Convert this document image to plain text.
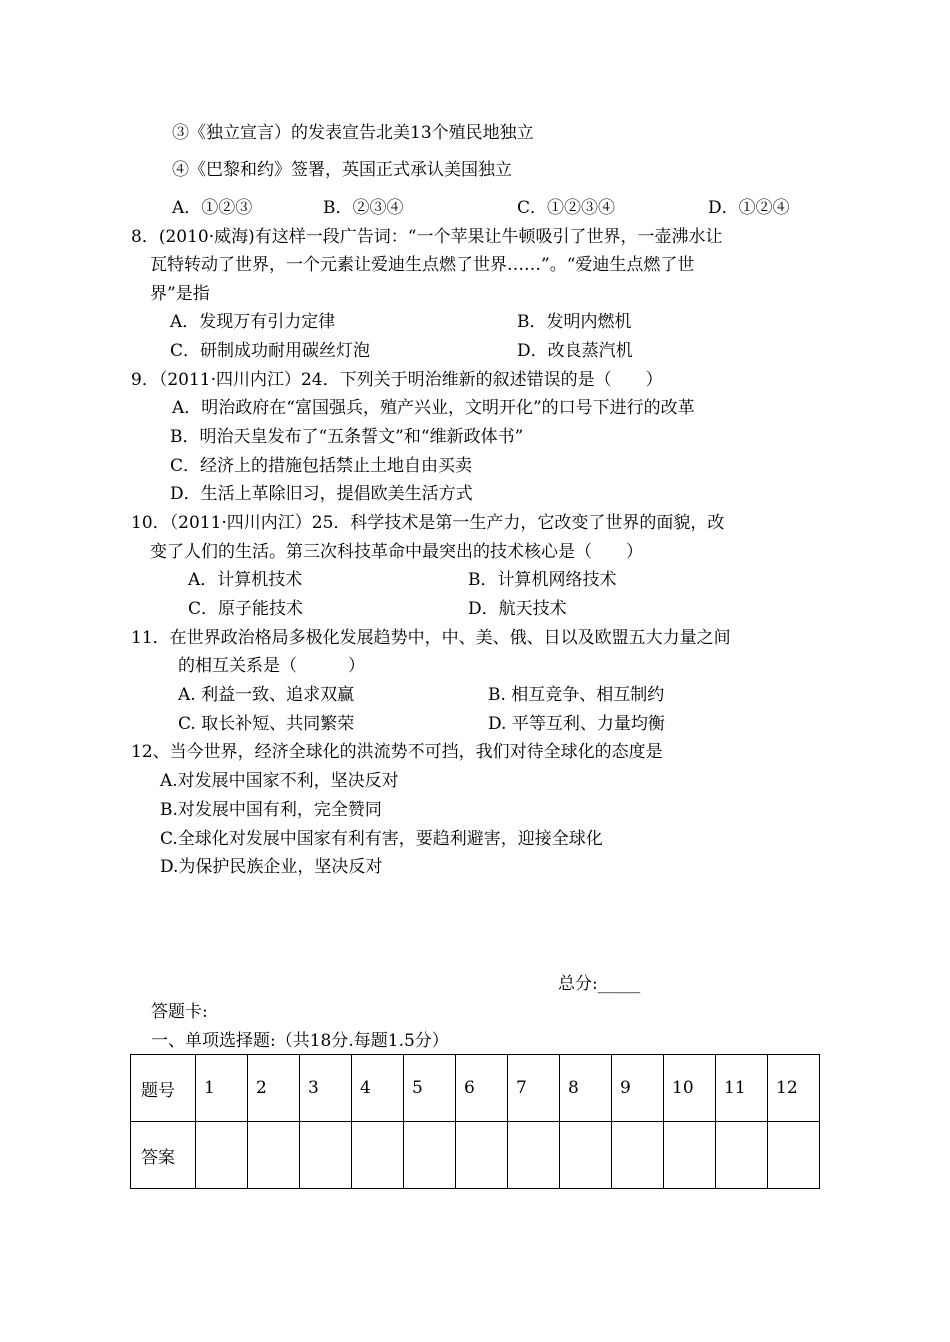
③《独立宣言）的发表宣告北美13个殖民地独立
④《巴黎和约》签署，英国正式承认美国独立
A．①②③	B．②③④	C．①②③④	D．①②④
8．(2010·威海)有这样一段广告词：“一个苹果让牛顿吸引了世界，一壶沸水让
瓦特转动了世界，一个元素让爱迪生点燃了世界……”。“爱迪生点燃了世
界”是指
A．发现万有引力定律	B．发明内燃机
C．研制成功耐用碳丝灯泡	D．改良蒸汽机
9．（2011·四川内江）24．下列关于明治维新的叙述错误的是（　　）
A．明治政府在“富国强兵，殖产兴业，文明开化”的口号下进行的改革
B．明治天皇发布了“五条誓文”和“维新政体书”
C．经济上的措施包括禁止土地自由买卖
D．生活上革除旧习，提倡欧美生活方式
10．（2011·四川内江）25．科学技术是第一生产力，它改变了世界的面貌，改
变了人们的生活。第三次科技革命中最突出的技术核心是（　　）
A．计算机技术	B．计算机网络技术
C．原子能技术	D．航天技术
11．在世界政治格局多极化发展趋势中，中、美、俄、日以及欧盟五大力量之间
的相互关系是（　　　）
A. 利益一致、追求双赢	B. 相互竞争、相互制约
C. 取长补短、共同繁荣	D. 平等互利、力量均衡
12、当今世界，经济全球化的洪流势不可挡，我们对待全球化的态度是
A.对发展中国家不利，坚决反对
B.对发展中国有利，完全赞同
C.全球化对发展中国家有利有害，要趋利避害，迎接全球化
D.为保护民族企业，坚决反对
总分:_____
答题卡:
一、单项选择题:（共18分.每题1.5分）
题号	1	2	3	4	5	6	7	8	9	10	11	12
答案												
